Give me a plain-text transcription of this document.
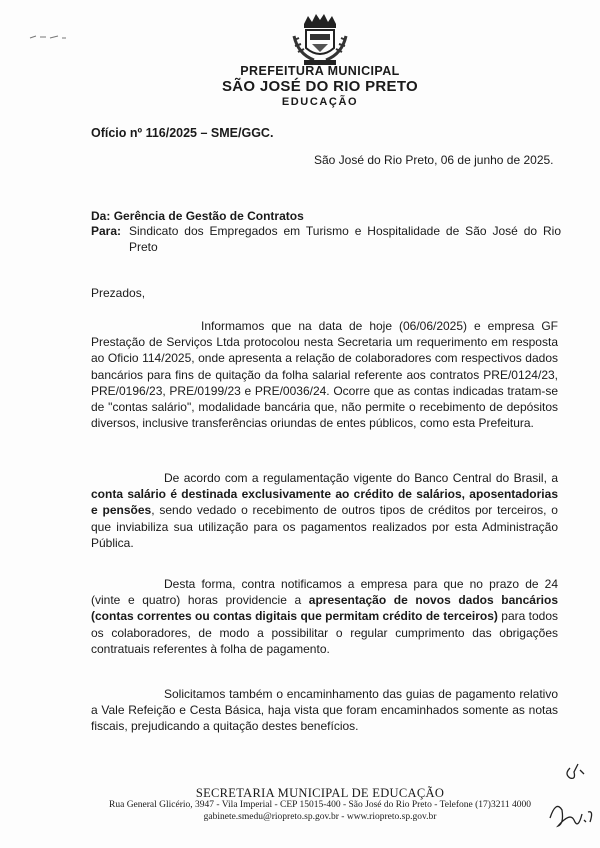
PREFEITURA MUNICIPAL
SÃO JOSÉ DO RIO PRETO
EDUCAÇÃO
Ofício nº 116/2025 – SME/GGC.
São José do Rio Preto, 06 de junho de 2025.
Da: Gerência de Gestão de Contratos
Para: Sindicato dos Empregados em Turismo e Hospitalidade de São José do Rio Preto
Prezados,
Informamos que na data de hoje (06/06/2025) e empresa GF Prestação de Serviços Ltda protocolou nesta Secretaria um requerimento em resposta ao Oficio 114/2025, onde apresenta a relação de colaboradores com respectivos dados bancários para fins de quitação da folha salarial referente aos contratos PRE/0124/23, PRE/0196/23, PRE/0199/23 e PRE/0036/24. Ocorre que as contas indicadas tratam-se de "contas salário", modalidade bancária que, não permite o recebimento de depósitos diversos, inclusive transferências oriundas de entes públicos, como esta Prefeitura.
De acordo com a regulamentação vigente do Banco Central do Brasil, a conta salário é destinada exclusivamente ao crédito de salários, aposentadorias e pensões, sendo vedado o recebimento de outros tipos de créditos por terceiros, o que inviabiliza sua utilização para os pagamentos realizados por esta Administração Pública.
Desta forma, contra notificamos a empresa para que no prazo de 24 (vinte e quatro) horas providencie a apresentação de novos dados bancários (contas correntes ou contas digitais que permitam crédito de terceiros) para todos os colaboradores, de modo a possibilitar o regular cumprimento das obrigações contratuais referentes à folha de pagamento.
Solicitamos também o encaminhamento das guias de pagamento relativo a Vale Refeição e Cesta Básica, haja vista que foram encaminhados somente as notas fiscais, prejudicando a quitação destes benefícios.
SECRETARIA MUNICIPAL DE EDUCAÇÃO
Rua General Glicério, 3947 - Vila Imperial - CEP 15015-400 - São José do Rio Preto - Telefone (17)3211 4000
gabinete.smedu@riopreto.sp.gov.br - www.riopreto.sp.gov.br
